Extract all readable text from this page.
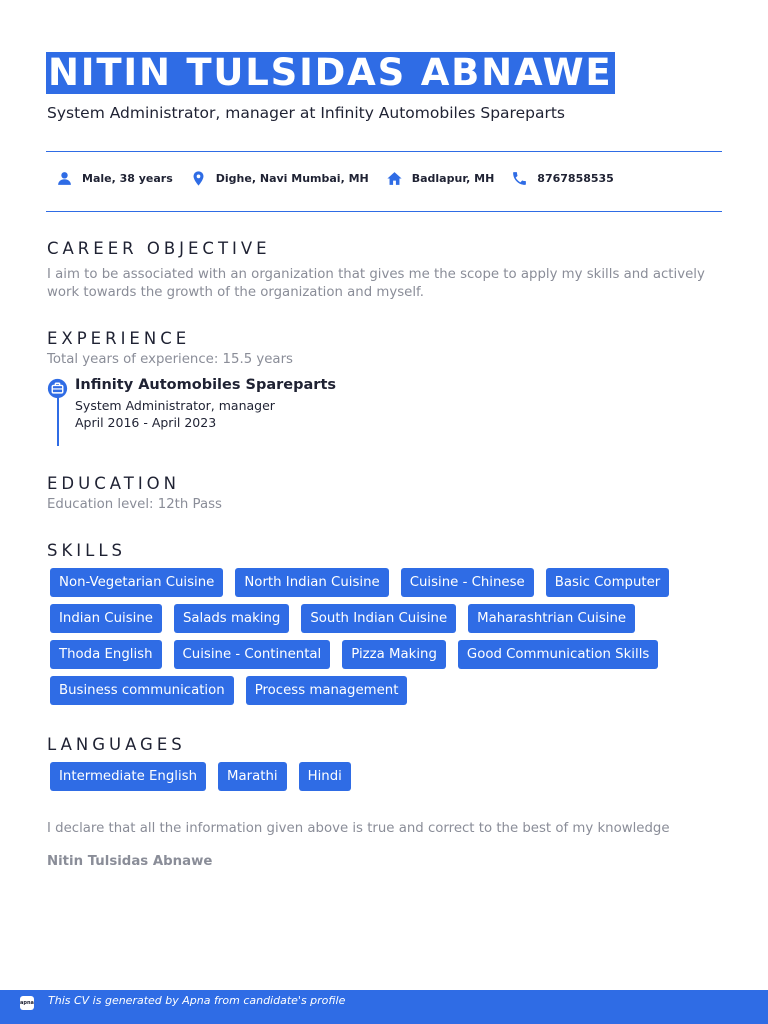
NITIN TULSIDAS ABNAWE
System Administrator, manager at Infinity Automobiles Spareparts
Male, 38 years	Dighe, Navi Mumbai, MH	Badlapur, MH	8767858535
CAREER OBJECTIVE
I aim to be associated with an organization that gives me the scope to apply my skills and actively work towards the growth of the organization and myself.
EXPERIENCE
Total years of experience: 15.5 years
Infinity Automobiles Spareparts
System Administrator, manager
April 2016 - April 2023
EDUCATION
Education level: 12th Pass
SKILLS
Non-Vegetarian Cuisine	North Indian Cuisine	Cuisine - Chinese	Basic Computer
Indian Cuisine	Salads making	South Indian Cuisine	Maharashtrian Cuisine
Thoda English	Cuisine - Continental	Pizza Making	Good Communication Skills
Business communication	Process management
LANGUAGES
Intermediate English	Marathi	Hindi
I declare that all the information given above is true and correct to the best of my knowledge
Nitin Tulsidas Abnawe
apna This CV is generated by Apna from candidate's profile
